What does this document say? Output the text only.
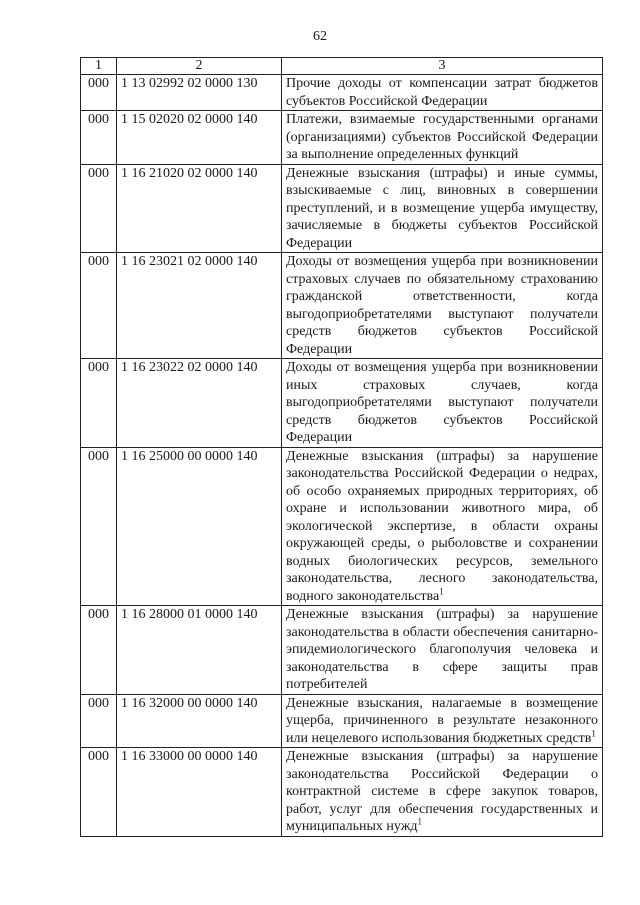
62
1	2	3
000	1 13 02992 02 0000 130	Прочие доходы от компенсации затрат бюджетов субъектов Российской Федерации
000	1 15 02020 02 0000 140	Платежи, взимаемые государственными органами (организациями) субъектов Российской Федерации за выполнение определенных функций
000	1 16 21020 02 0000 140	Денежные взыскания (штрафы) и иные суммы, взыскиваемые с лиц, виновных в совершении преступлений, и в возмещение ущерба имуществу, зачисляемые в бюджеты субъектов Российской Федерации
000	1 16 23021 02 0000 140	Доходы от возмещения ущерба при возникновении страховых случаев по обязательному страхованию гражданской ответственности, когда выгодоприобретателями выступают получатели средств бюджетов субъектов Российской Федерации
000	1 16 23022 02 0000 140	Доходы от возмещения ущерба при возникновении иных страховых случаев, когда выгодоприобретателями выступают получатели средств бюджетов субъектов Российской Федерации
000	1 16 25000 00 0000 140	Денежные взыскания (штрафы) за нарушение законодательства Российской Федерации о недрах, об особо охраняемых природных территориях, об охране и использовании животного мира, об экологической экспертизе, в области охраны окружающей среды, о рыболовстве и сохранении водных биологических ресурсов, земельного законодательства, лесного законодательства, водного законодательства$^1$
000	1 16 28000 01 0000 140	Денежные взыскания (штрафы) за нарушение законодательства в области обеспечения санитарно-эпидемиологического благополучия человека и законодательства в сфере защиты прав потребителей
000	1 16 32000 00 0000 140	Денежные взыскания, налагаемые в возмещение ущерба, причиненного в результате незаконного или нецелевого использования бюджетных средств$^1$
000	1 16 33000 00 0000 140	Денежные взыскания (штрафы) за нарушение законодательства Российской Федерации о контрактной системе в сфере закупок товаров, работ, услуг для обеспечения государственных и муниципальных нужд$^1$
